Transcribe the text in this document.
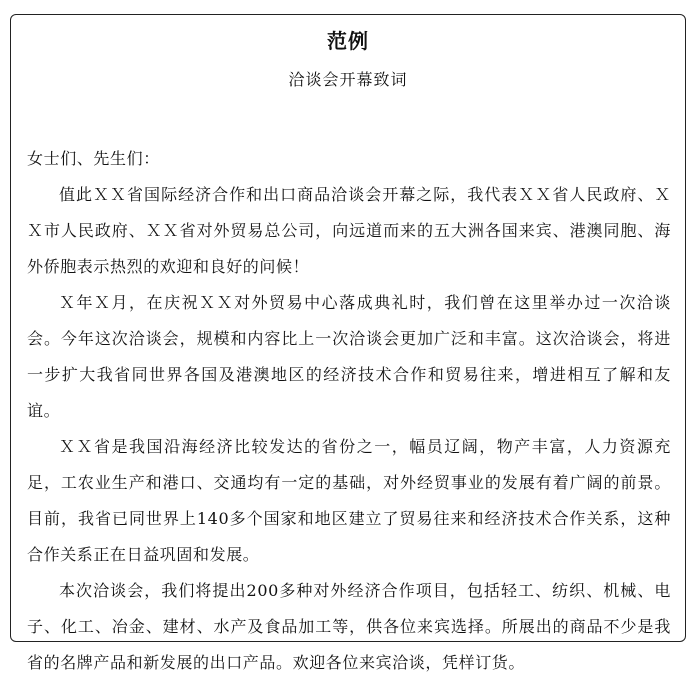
范例
洽谈会开幕致词

女士们、先生们：

值此ＸＸ省国际经济合作和出口商品洽谈会开幕之际，我代表ＸＸ省人民政府、ＸＸ市人民政府、ＸＸ省对外贸易总公司，向远道而来的五大洲各国来宾、港澳同胞、海外侨胞表示热烈的欢迎和良好的问候！

Ｘ年Ｘ月，在庆祝ＸＸ对外贸易中心落成典礼时，我们曾在这里举办过一次洽谈会。今年这次洽谈会，规模和内容比上一次洽谈会更加广泛和丰富。这次洽谈会，将进一步扩大我省同世界各国及港澳地区的经济技术合作和贸易往来，增进相互了解和友谊。

ＸＸ省是我国沿海经济比较发达的省份之一，幅员辽阔，物产丰富，人力资源充足，工农业生产和港口、交通均有一定的基础，对外经贸事业的发展有着广阔的前景。目前，我省已同世界上140多个国家和地区建立了贸易往来和经济技术合作关系，这种合作关系正在日益巩固和发展。

本次洽谈会，我们将提出200多种对外经济合作项目，包括轻工、纺织、机械、电子、化工、冶金、建材、水产及食品加工等，供各位来宾选择。所展出的商品不少是我省的名牌产品和新发展的出口产品。欢迎各位来宾洽谈，凭样订货。
